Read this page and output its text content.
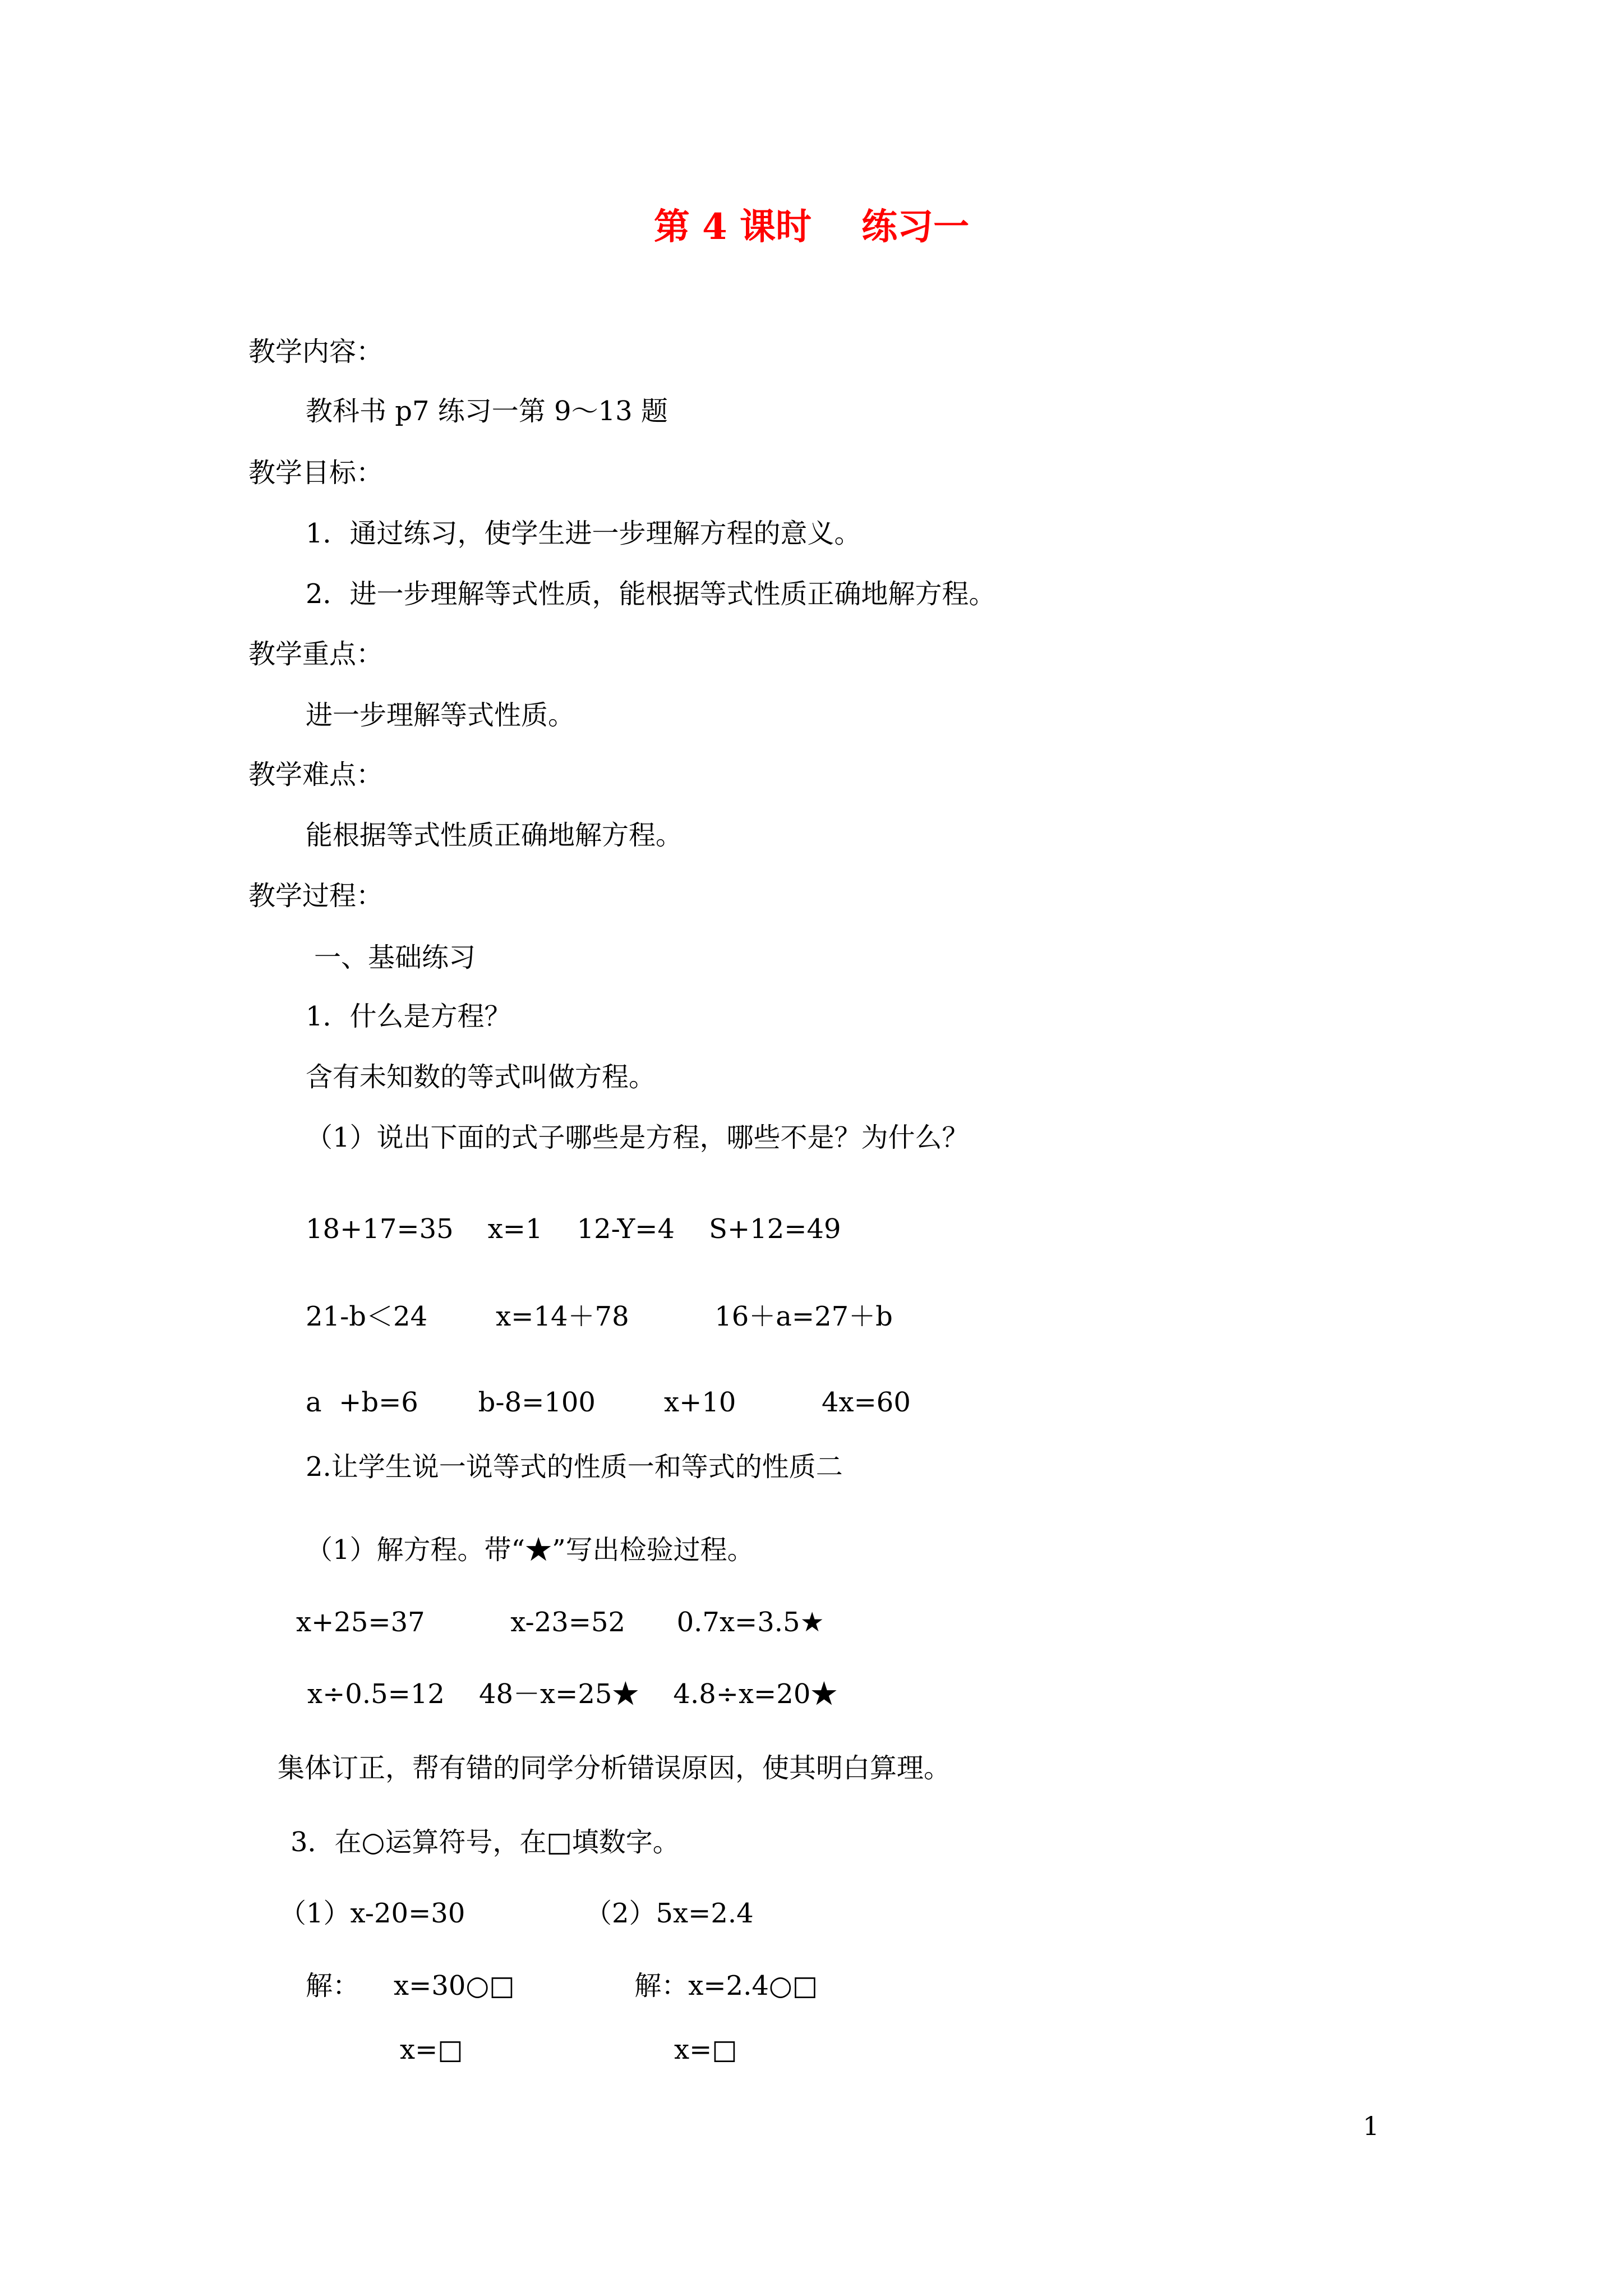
第 4 课时    练习一
教学内容：
教科书 p7 练习一第 9～13 题
教学目标：
1．通过练习，使学生进一步理解方程的意义。
2．进一步理解等式性质，能根据等式性质正确地解方程。
教学重点：
进一步理解等式性质。
教学难点：
能根据等式性质正确地解方程。
教学过程：
一、基础练习
1．什么是方程？
含有未知数的等式叫做方程。
（1）说出下面的式子哪些是方程，哪些不是？为什么？
18+17=35    x=1    12-Y=4    S+12=49
21-b＜24        x=14＋78          16＋a=27＋b
a  +b=6       b-8=100        x+10          4x=60
2.让学生说一说等式的性质一和等式的性质二
（1）解方程。带“★”写出检验过程。
x+25=37          x-23=52      0.7x=3.5★
x÷0.5=12    48－x=25★    4.8÷x=20★
集体订正，帮有错的同学分析错误原因，使其明白算理。
3．在○运算符号，在□填数字。
（1）x-20=30              （2）5x=2.4
解：    x=30○□              解：x=2.4○□
x=□	x=□
1
